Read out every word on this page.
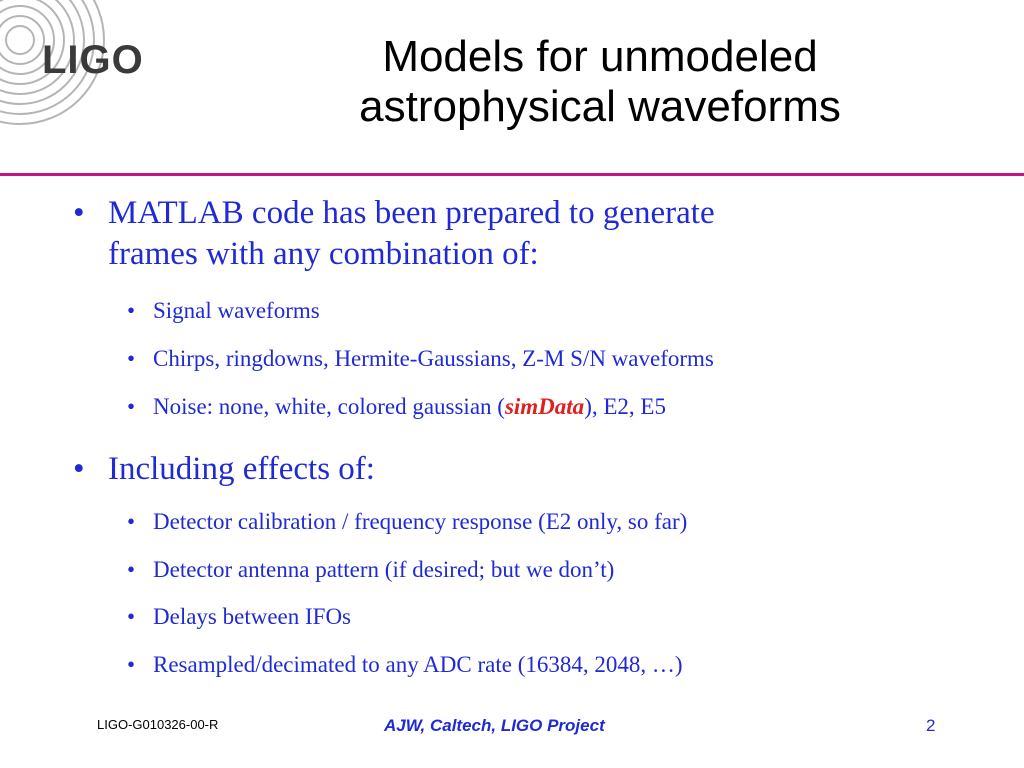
LIGO	Models for unmodeled
astrophysical waveforms
• MATLAB code has been prepared to generate
frames with any combination of:
• Signal waveforms
• Chirps, ringdowns, Hermite-Gaussians, Z-M S/N waveforms
• Noise: none, white, colored gaussian (simData), E2, E5
• Including effects of:
• Detector calibration / frequency response (E2 only, so far)
• Detector antenna pattern (if desired; but we don’t)
• Delays between IFOs
• Resampled/decimated to any ADC rate (16384, 2048, …)
LIGO-G010326-00-R	AJW, Caltech, LIGO Project	2
